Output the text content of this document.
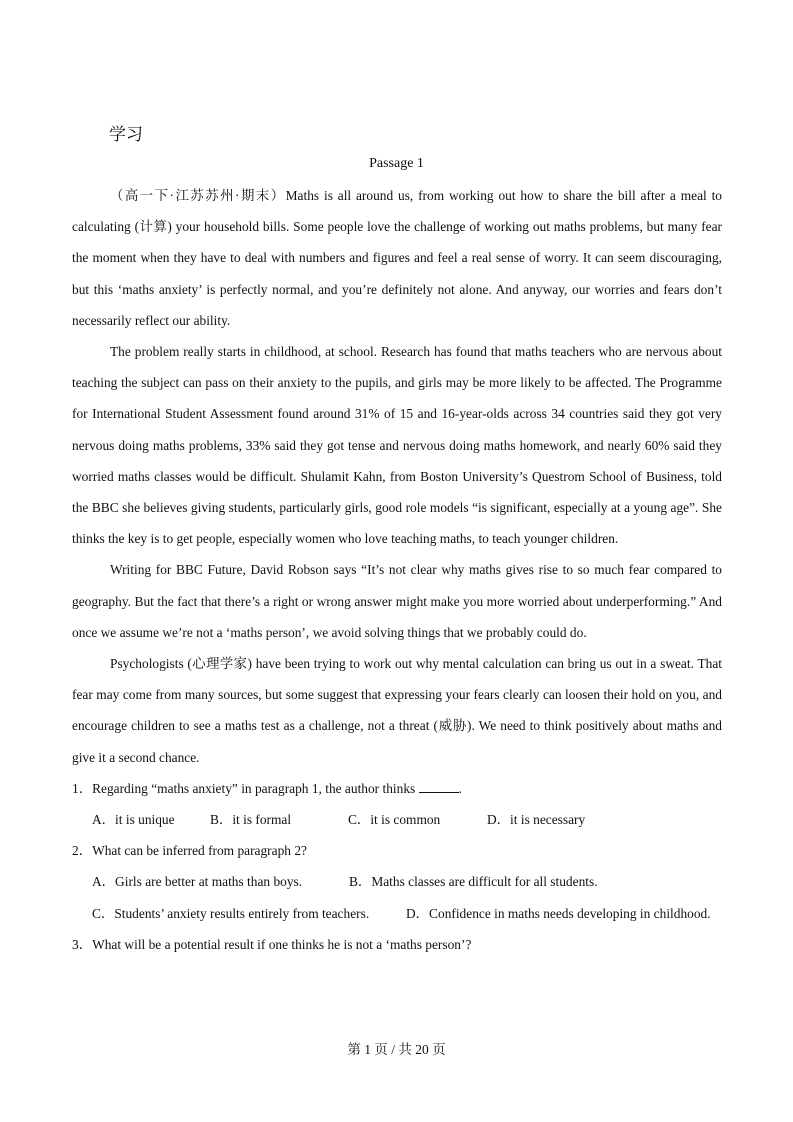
学习
Passage 1

（高一下·江苏苏州·期末）Maths is all around us, from working out how to share the bill after a meal to calculating (计算) your household bills. Some people love the challenge of working out maths problems, but many fear the moment when they have to deal with numbers and figures and feel a real sense of worry. It can seem discouraging, but this ‘maths anxiety’ is perfectly normal, and you’re definitely not alone. And anyway, our worries and fears don’t necessarily reflect our ability.

The problem really starts in childhood, at school. Research has found that maths teachers who are nervous about teaching the subject can pass on their anxiety to the pupils, and girls may be more likely to be affected. The Programme for International Student Assessment found around 31% of 15 and 16-year-olds across 34 countries said they got very nervous doing maths problems, 33% said they got tense and nervous doing maths homework, and nearly 60% said they worried maths classes would be difficult. Shulamit Kahn, from Boston University’s Questrom School of Business, told the BBC she believes giving students, particularly girls, good role models “is significant, especially at a young age”. She thinks the key is to get people, especially women who love teaching maths, to teach younger children.

Writing for BBC Future, David Robson says “It’s not clear why maths gives rise to so much fear compared to geography. But the fact that there’s a right or wrong answer might make you more worried about underperforming.” And once we assume we’re not a ‘maths person’, we avoid solving things that we probably could do.

Psychologists (心理学家) have been trying to work out why mental calculation can bring us out in a sweat. That fear may come from many sources, but some suggest that expressing your fears clearly can loosen their hold on you, and encourage children to see a maths test as a challenge, not a threat (威胁). We need to think positively about maths and give it a second chance.

1．Regarding “maths anxiety” in paragraph 1, the author thinks	.

A．it is unique	B．it is formal	C．it is common	D．it is necessary

2．What can be inferred from paragraph 2?

A．Girls are better at maths than boys.	B．Maths classes are difficult for all students.

C．Students’ anxiety results entirely from teachers.	D．Confidence in maths needs developing in childhood.

3．What will be a potential result if one thinks he is not a ‘maths person’?

第 1 页 / 共 20 页
